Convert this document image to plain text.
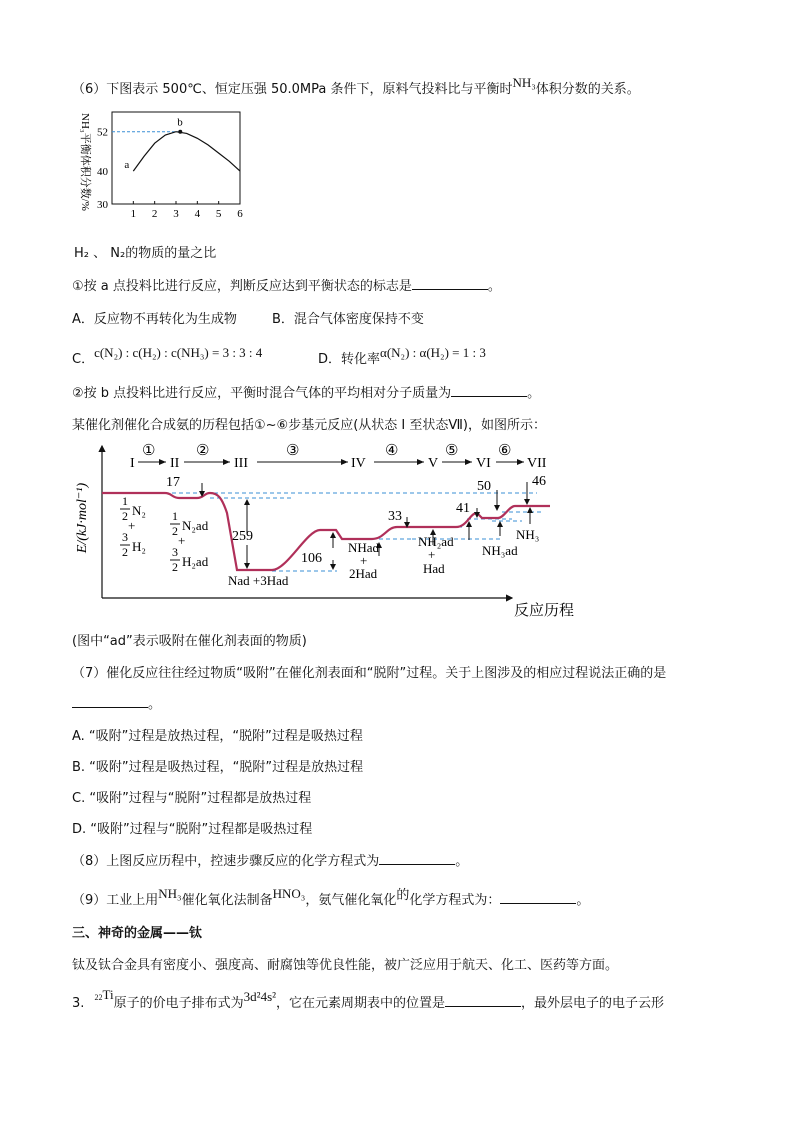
（6）下图表示 500℃、恒定压强 50.0MPa 条件下，原料气投料比与平衡时NH₃体积分数的关系。
NH₃平衡体积分数/% 30
40
52
1 2 3 4 5 6
a
b
H₂ 、 N₂的物质的量之比
①按 a 点投料比进行反应，判断反应达到平衡状态的标志是	。
A．反应物不再转化为生成物	B．混合气体密度保持不变
C．c(N₂) : c(H₂) : c(NH₃) = 3 : 3 : 4	D．转化率α(N₂) : α(H₂) = 1 : 3
②按 b 点投料比进行反应，平衡时混合气体的平均相对分子质量为	。
某催化剂催化合成氨的历程包括①~⑥步基元反应(从状态 I 至状态Ⅶ)，如图所示：
E/(kJ·mol⁻¹)
反应历程
I	II	III	IV	V	VI	VII
①	②	③	④	⑤	⑥
17
259
106
33
41
50	46
1
2 N₂
+
3
2 H₂
1
2 N₂ad
+
3
2 H₂ad
Nad +3Had
NHad
+
2Had
NH₂ad
+
Had
NH₃ad
NH₃
(图中“ad”表示吸附在催化剂表面的物质)
（7）催化反应往往经过物质“吸附”在催化剂表面和“脱附”过程。关于上图涉及的相应过程说法正确的是
。
A. “吸附”过程是放热过程，“脱附”过程是吸热过程
B. “吸附”过程是吸热过程，“脱附”过程是放热过程
C. “吸附”过程与“脱附”过程都是放热过程
D. “吸附”过程与“脱附”过程都是吸热过程
（8）上图反应历程中，控速步骤反应的化学方程式为	。
（9）工业上用NH₃催化氧化法制备HNO₃，氨气催化氧化的化学方程式为：	。
三、神奇的金属——钛
钛及钛合金具有密度小、强度高、耐腐蚀等优良性能，被广泛应用于航天、化工、医药等方面。
3. $^{22}$Ti原子的价电子排布式为3d²4s²，它在元素周期表中的位置是	，最外层电子的电子云形
